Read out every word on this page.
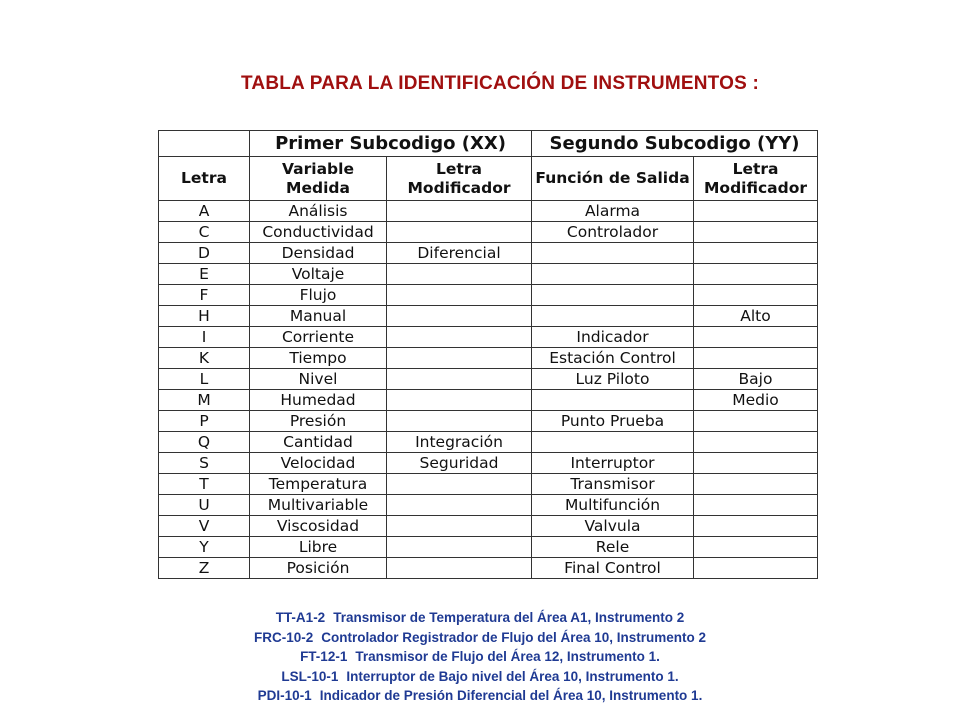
TABLA PARA LA IDENTIFICACIÓN DE INSTRUMENTOS :
	Primer Subcodigo (XX)		Segundo Subcodigo (YY)	
Letra	Variable Medida	Letra Modificador	Función de Salida	Letra Modificador
A	Análisis		Alarma	
C	Conductividad		Controlador	
D	Densidad	Diferencial		
E	Voltaje			
F	Flujo			
H	Manual			Alto
I	Corriente		Indicador	
K	Tiempo		Estación Control	
L	Nivel		Luz Piloto	Bajo
M	Humedad			Medio
P	Presión		Punto Prueba	
Q	Cantidad	Integración		
S	Velocidad	Seguridad	Interruptor	
T	Temperatura		Transmisor	
U	Multivariable		Multifunción	
V	Viscosidad		Valvula	
Y	Libre		Rele	
Z	Posición		Final Control	
TT-A1-2 Transmisor de Temperatura del Área A1, Instrumento 2
FRC-10-2 Controlador Registrador de Flujo del Área 10, Instrumento 2
FT-12-1 Transmisor de Flujo del Área 12, Instrumento 1.
LSL-10-1 Interruptor de Bajo nivel del Área 10, Instrumento 1.
PDI-10-1 Indicador de Presión Diferencial del Área 10, Instrumento 1.
